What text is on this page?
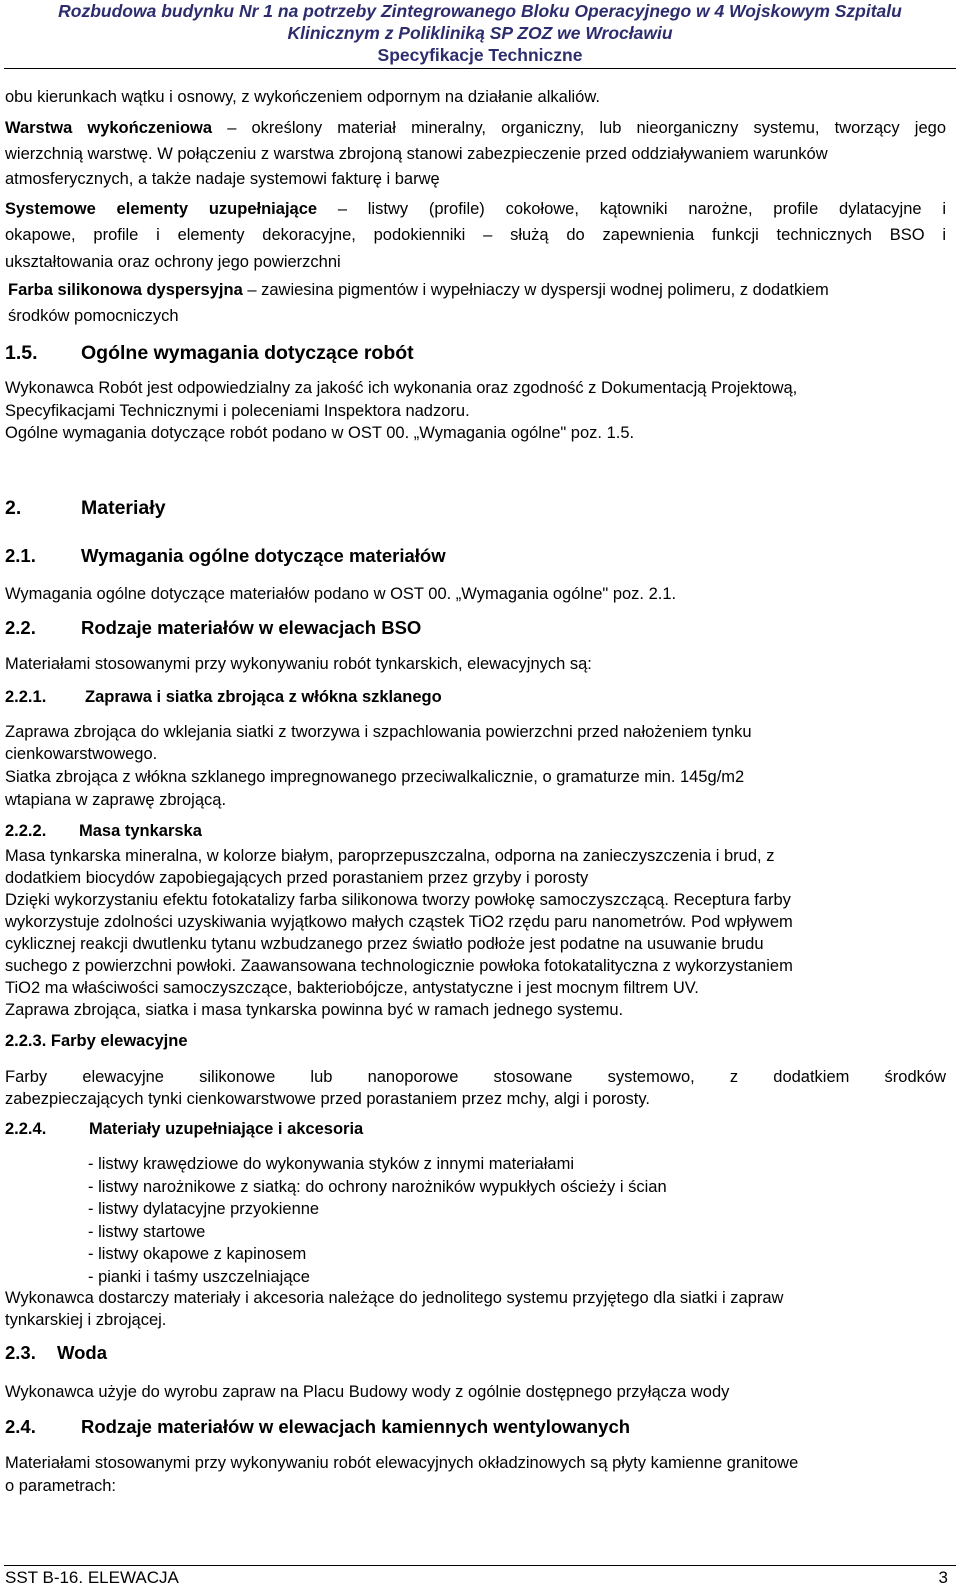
Rozbudowa budynku Nr 1 na potrzeby Zintegrowanego Bloku Operacyjnego w 4 Wojskowym Szpitalu
Klinicznym z Polikliniką SP ZOZ we Wrocławiu
Specyfikacje Techniczne
obu kierunkach wątku i osnowy, z wykończeniem odpornym na działanie alkaliów.
Warstwa wykończeniowa – określony materiał mineralny, organiczny, lub nieorganiczny systemu, tworzący jego
wierzchnią warstwę. W połączeniu z warstwa zbrojoną stanowi zabezpieczenie przed oddziaływaniem warunków
atmosferycznych, a także nadaje systemowi fakturę i barwę
Systemowe elementy uzupełniające – listwy (profile) cokołowe, kątowniki narożne, profile dylatacyjne i
okapowe, profile i elementy dekoracyjne, podokienniki – służą do zapewnienia funkcji technicznych BSO i
ukształtowania oraz ochrony jego powierzchni
Farba silikonowa dyspersyjna – zawiesina pigmentów i wypełniaczy w dyspersji wodnej polimeru, z dodatkiem
środków pomocniczych
1.5. Ogólne wymagania dotyczące robót
Wykonawca Robót jest odpowiedzialny za jakość ich wykonania oraz zgodność z Dokumentacją Projektową,
Specyfikacjami Technicznymi i poleceniami Inspektora nadzoru.
Ogólne wymagania dotyczące robót podano w OST 00. „Wymagania ogólne" poz. 1.5.
2.	Materiały
2.1. Wymagania ogólne dotyczące materiałów
Wymagania ogólne dotyczące materiałów podano w OST 00. „Wymagania ogólne" poz. 2.1.
2.2. Rodzaje materiałów w elewacjach BSO
Materiałami stosowanymi przy wykonywaniu robót tynkarskich, elewacyjnych są:
2.2.1. Zaprawa i siatka zbrojąca z włókna szklanego
Zaprawa zbrojąca do wklejania siatki z tworzywa i szpachlowania powierzchni przed nałożeniem tynku
cienkowarstwowego.
Siatka zbrojąca z włókna szklanego impregnowanego przeciwalkalicznie, o gramaturze min. 145g/m2
wtapiana w zaprawę zbrojącą.
2.2.2. Masa tynkarska
Masa tynkarska mineralna, w kolorze białym, paroprzepuszczalna, odporna na zanieczyszczenia i brud, z
dodatkiem biocydów zapobiegających przed porastaniem przez grzyby i porosty
Dzięki wykorzystaniu efektu fotokatalizy farba silikonowa tworzy powłokę samoczyszczącą. Receptura farby
wykorzystuje zdolności uzyskiwania wyjątkowo małych cząstek TiO2 rzędu paru nanometrów. Pod wpływem
cyklicznej reakcji dwutlenku tytanu wzbudzanego przez światło podłoże jest podatne na usuwanie brudu
suchego z powierzchni powłoki. Zaawansowana technologicznie powłoka fotokatalityczna z wykorzystaniem
TiO2 ma właściwości samoczyszczące, bakteriobójcze, antystatyczne i jest mocnym filtrem UV.
Zaprawa zbrojąca, siatka i masa tynkarska powinna być w ramach jednego systemu.
2.2.3. Farby elewacyjne
Farby elewacyjne silikonowe lub nanoporowe stosowane systemowo, z dodatkiem środków
zabezpieczających tynki cienkowarstwowe przed porastaniem przez mchy, algi i porosty.
2.2.4.	Materiały uzupełniające i akcesoria
- listwy krawędziowe do wykonywania styków z innymi materiałami
- listwy narożnikowe z siatką: do ochrony narożników wypukłych ościeży i ścian
- listwy dylatacyjne przyokienne
- listwy startowe
- listwy okapowe z kapinosem
- pianki i taśmy uszczelniające
Wykonawca dostarczy materiały i akcesoria należące do jednolitego systemu przyjętego dla siatki i zapraw
tynkarskiej i zbrojącej.
2.3. Woda
Wykonawca użyje do wyrobu zapraw na Placu Budowy wody z ogólnie dostępnego przyłącza wody
2.4. Rodzaje materiałów w elewacjach kamiennych wentylowanych
Materiałami stosowanymi przy wykonywaniu robót elewacyjnych okładzinowych są płyty kamienne granitowe
o parametrach:
SST B-16. ELEWACJA	3
